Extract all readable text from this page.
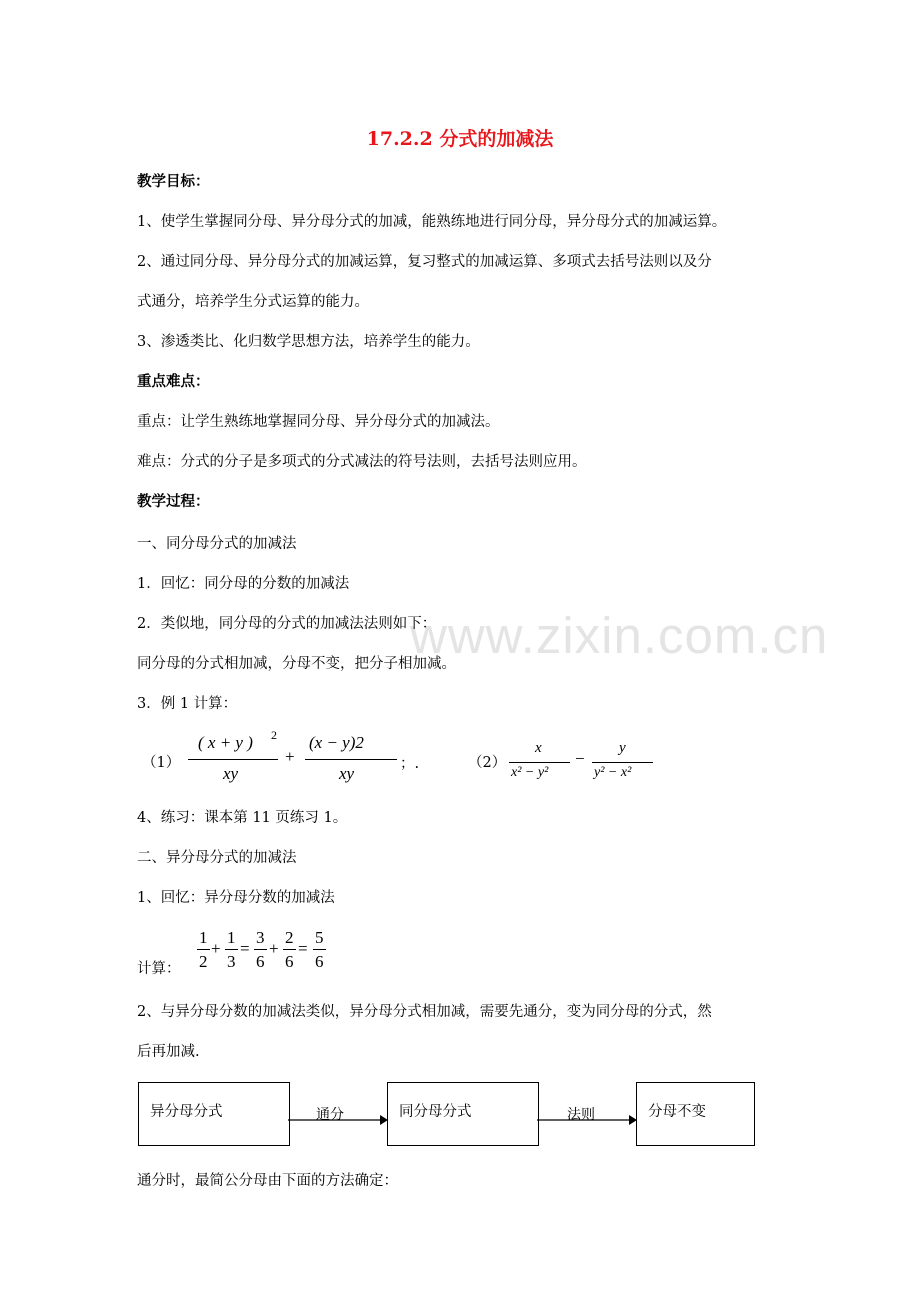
17.2.2 分式的加减法
www.zixin.com.cn
教学目标：
1、使学生掌握同分母、异分母分式的加减，能熟练地进行同分母，异分母分式的加减运算。
2、通过同分母、异分母分式的加减运算，复习整式的加减运算、多项式去括号法则以及分
式通分，培养学生分式运算的能力。
3、渗透类比、化归数学思想方法，培养学生的能力。
重点难点：
重点：让学生熟练地掌握同分母、异分母分式的加减法。
难点：分式的分子是多项式的分式减法的符号法则，去括号法则应用。
教学过程：
一、同分母分式的加减法
1．回忆：同分母的分数的加减法
2．类似地，同分母的分式的加减法法则如下：
同分母的分式相加减，分母不变，把分子相加减。
3．例 1 计算：
（1）
( x + y ) 2
xy
+
(x − y)2
xy	；.	（2）
x
x² − y²
−
y
y² − x²
4、练习：课本第 11 页练习 1。
二、异分母分式的加减法
1、回忆：异分母分数的加减法
计算：
1
2
+
1
3
=
3
6
+
2
6
=
5
6
2、与异分母分数的加减法类似，异分母分式相加减，需要先通分，变为同分母的分式，然
后再加减.
异分母分式	同分母分式	分母不变
通分	法则
通分时，最简公分母由下面的方法确定：
